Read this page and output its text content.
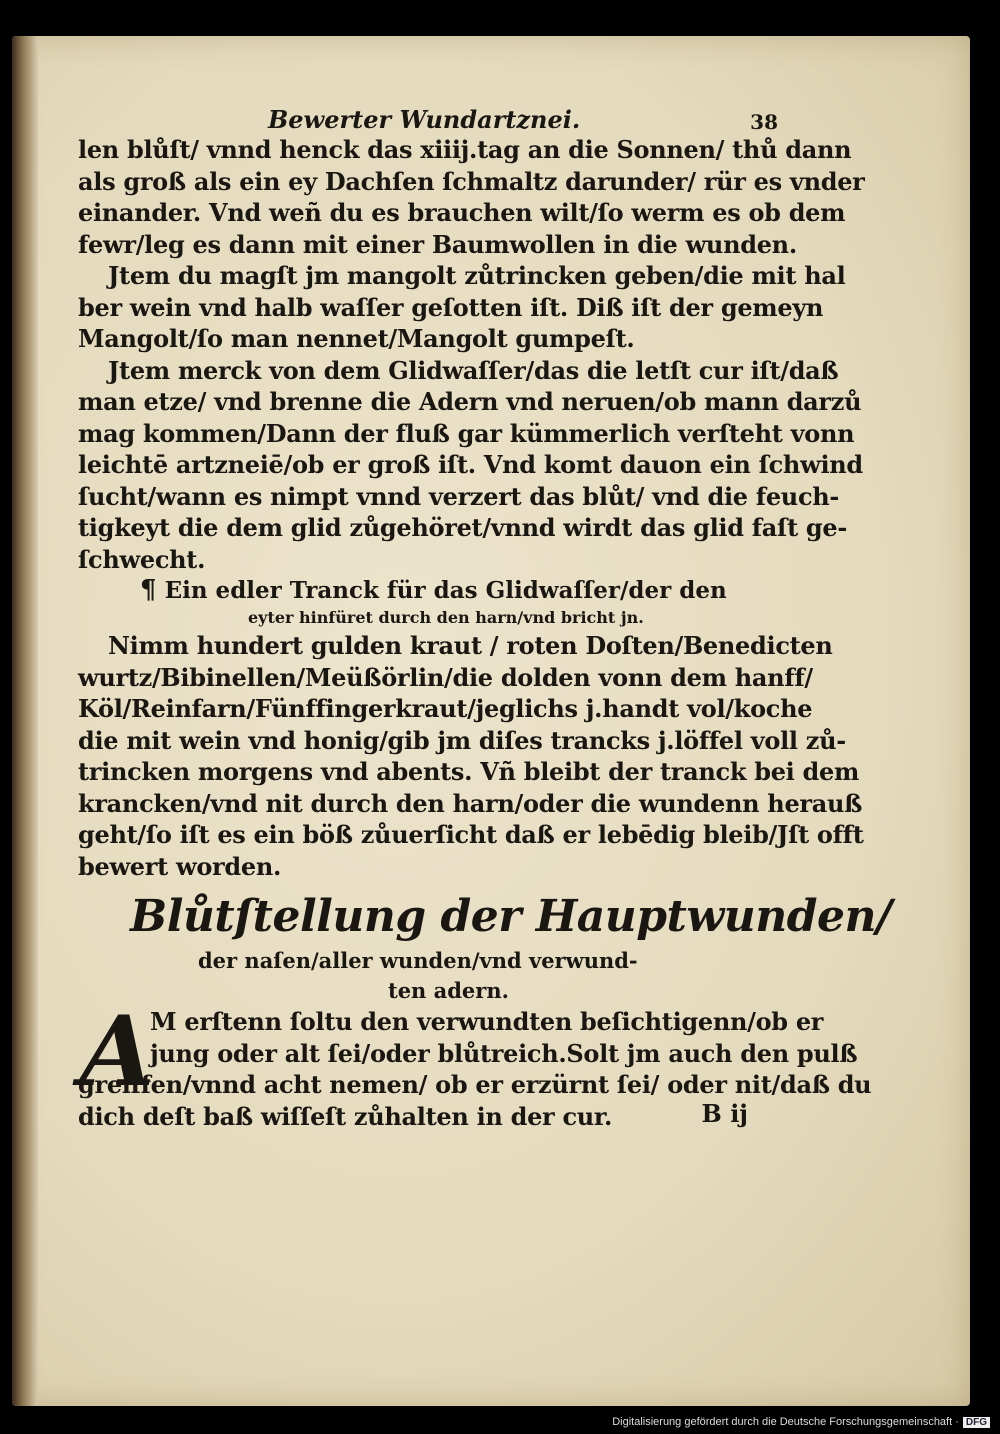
Bewerter Wundartznei.	38
len blůſt/ vnnd henck das xiiij.tag an die Sonnen/ thů dann
als groß als ein ey Dachſen ſchmaltz darunder/ rür es vnder
einander. Vnd weñ du es brauchen wilt/ſo werm es ob dem
fewr/leg es dann mit einer Baumwollen in die wunden.
Jtem du magſt jm mangolt zůtrincken geben/die mit hal
ber wein vnd halb waſſer geſotten iſt. Diß iſt der gemeyn
Mangolt/ſo man nennet/Mangolt gumpeſt.
Jtem merck von dem Glidwaſſer/das die letſt cur iſt/daß
man etze/ vnd brenne die Adern vnd neruen/ob mann darzů
mag kommen/Dann der fluß gar kümmerlich verſteht vonn
leichtē artzneiē/ob er groß iſt. Vnd komt dauon ein ſchwind
ſucht/wann es nimpt vnnd verzert das blůt/ vnd die feuch-
tigkeyt die dem glid zůgehöret/vnnd wirdt das glid faſt ge-
ſchwecht.
¶ Ein edler Tranck für das Glidwaſſer/der den
eyter hinfüret durch den harn/vnd bricht jn.
Nimm hundert gulden kraut / roten Doſten/Benedicten
wurtz/Bibinellen/Meüßörlin/die dolden vonn dem hanff/
Köl/Reinfarn/Fünffingerkraut/jeglichs j.handt vol/koche
die mit wein vnd honig/gib jm diſes trancks j.löffel voll zů-
trincken morgens vnd abents. Vñ bleibt der tranck bei dem
krancken/vnd nit durch den harn/oder die wundenn herauß
geht/ſo iſt es ein böß zůuerſicht daß er lebēdig bleib/Jſt offt
bewert worden.
Blůtſtellung der Hauptwunden/
der naſen/aller wunden/vnd verwund-
ten adern.
A
M erſtenn ſoltu den verwundten beſichtigenn/ob er
jung oder alt ſei/oder blůtreich.Solt jm auch den pulß
greiffen/vnnd acht nemen/ ob er erzürnt ſei/ oder nit/daß du
dich deſt baß wiſſeſt zůhalten in der cur.	B ij
Digitalisierung gefördert durch die Deutsche Forschungsgemeinschaft · DFG
